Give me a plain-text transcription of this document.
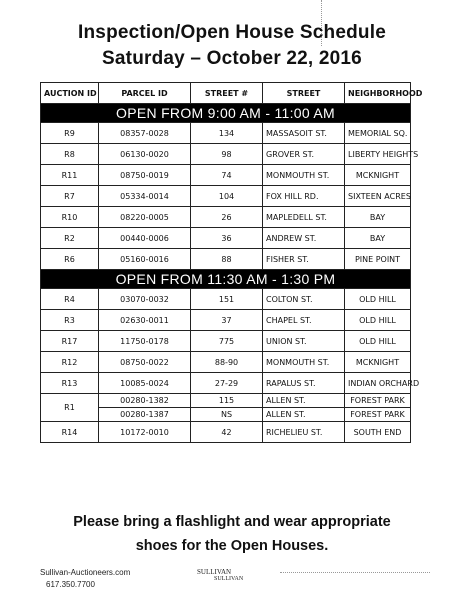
Inspection/Open House Schedule
Saturday – October 22, 2016
AUCTION ID	PARCEL ID	STREET #	STREET	NEIGHBORHOOD
OPEN FROM 9:00 AM - 11:00 AM				
R9	08357-0028	134	MASSASOIT ST.	MEMORIAL SQ.
R8	06130-0020	98	GROVER ST.	LIBERTY HEIGHTS
R11	08750-0019	74	MONMOUTH ST.	MCKNIGHT
R7	05334-0014	104	FOX HILL RD.	SIXTEEN ACRES
R10	08220-0005	26	MAPLEDELL ST.	BAY
R2	00440-0006	36	ANDREW ST.	BAY
R6	05160-0016	88	FISHER ST.	PINE POINT
OPEN FROM 11:30 AM - 1:30 PM				
R4	03070-0032	151	COLTON ST.	OLD HILL
R3	02630-0011	37	CHAPEL ST.	OLD HILL
R17	11750-0178	775	UNION ST.	OLD HILL
R12	08750-0022	88-90	MONMOUTH ST.	MCKNIGHT
R13	10085-0024	27-29	RAPALUS ST.	INDIAN ORCHARD
R1	00280-1382	115	ALLEN ST.	FOREST PARK
	00280-1387	NS	ALLEN ST.	FOREST PARK
R14	10172-0010	42	RICHELIEU ST.	SOUTH END
Please bring a flashlight and wear appropriate
shoes for the Open Houses.
Sullivan-Auctioneers.com
617.350.7700
SULLIVAN
SULLIVAN
